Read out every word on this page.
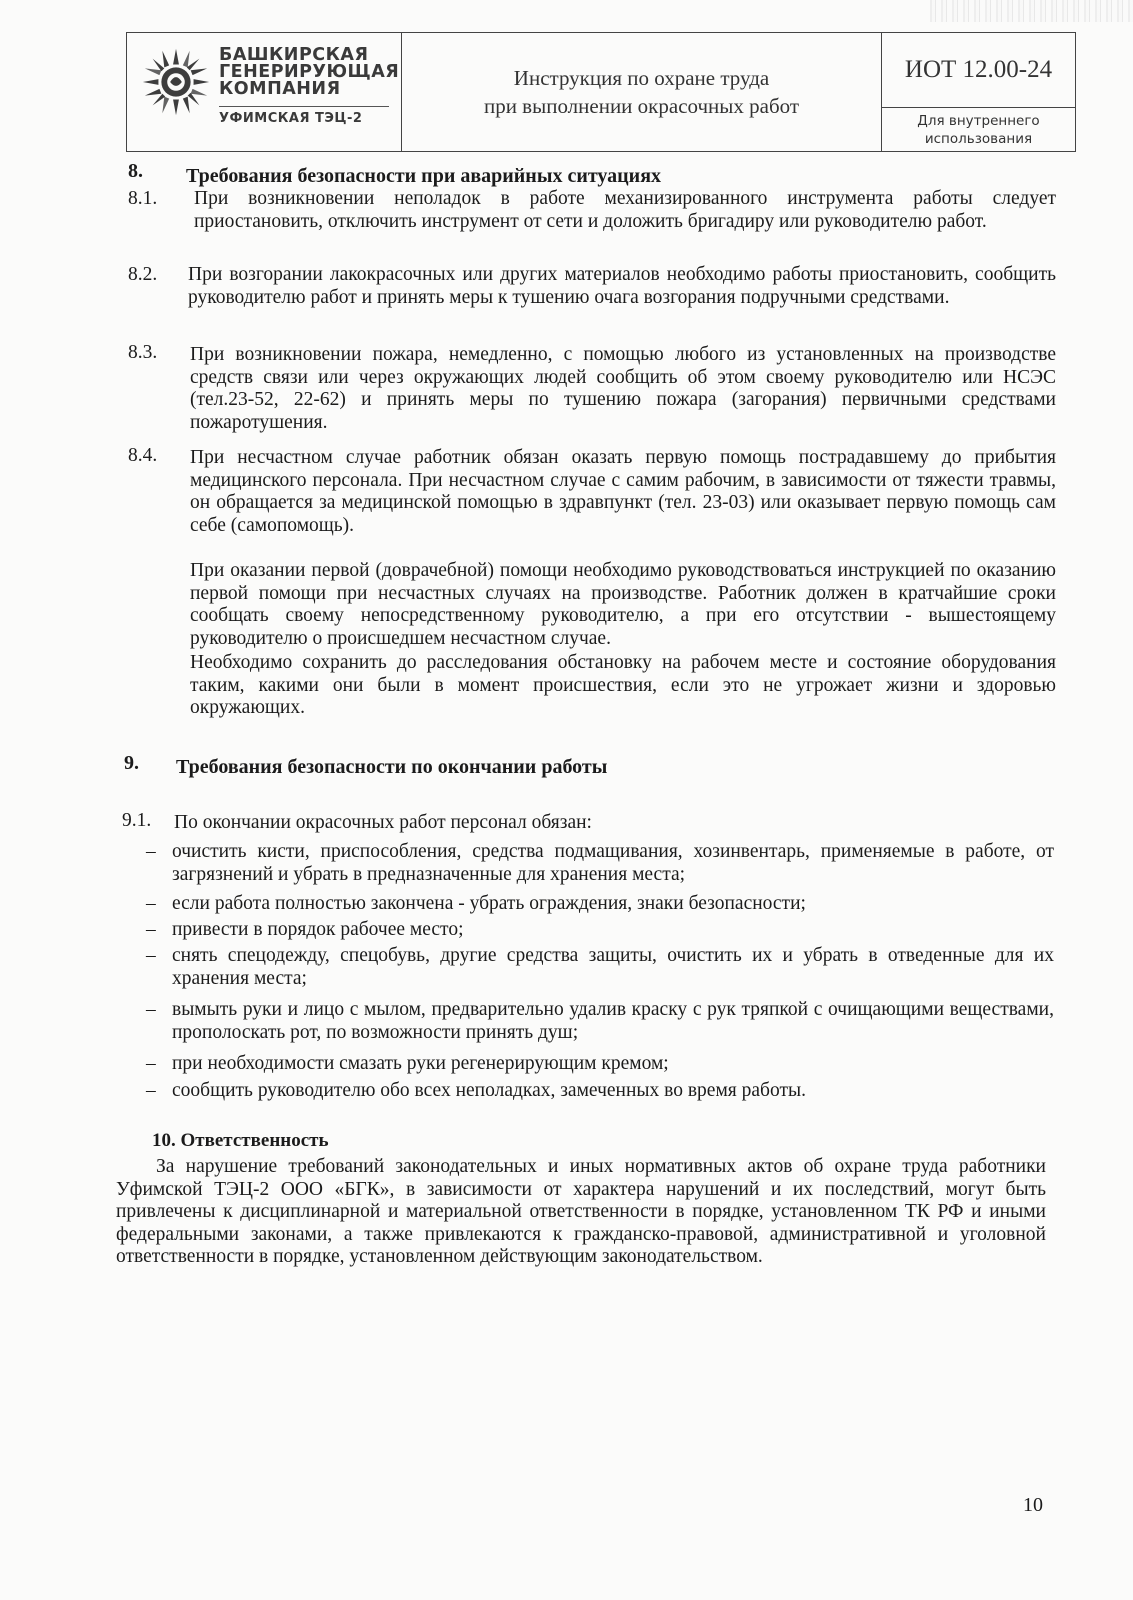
БАШКИРСКАЯ
ГЕНЕРИРУЮЩАЯ
КОМПАНИЯ
УФИМСКАЯ ТЭЦ-2
Инструкция по охране труда
при выполнении окрасочных работ
ИОТ 12.00-24
Для внутреннего
использования
8. Требования безопасности при аварийных ситуациях
8.1. При возникновении неполадок в работе механизированного инструмента работы следует приостановить, отключить инструмент от сети и доложить бригадиру или руководителю работ.
8.2. При возгорании лакокрасочных или других материалов необходимо работы приостановить, сообщить руководителю работ и принять меры к тушению очага возгорания подручными средствами.
8.3. При возникновении пожара, немедленно, с помощью любого из установленных на производстве средств связи или через окружающих людей сообщить об этом своему руководителю или НСЭС (тел.23-52, 22-62) и принять меры по тушению пожара (загорания) первичными средствами пожаротушения.
8.4. При несчастном случае работник обязан оказать первую помощь пострадавшему до прибытия медицинского персонала. При несчастном случае с самим рабочим, в зависимости от тяжести травмы, он обращается за медицинской помощью в здравпункт (тел. 23-03) или оказывает первую помощь сам себе (самопомощь).
При оказании первой (доврачебной) помощи необходимо руководствоваться инструкцией по оказанию первой помощи при несчастных случаях на производстве. Работник должен в кратчайшие сроки сообщать своему непосредственному руководителю, а при его отсутствии - вышестоящему руководителю о происшедшем несчастном случае.
Необходимо сохранить до расследования обстановку на рабочем месте и состояние оборудования таким, какими они были в момент происшествия, если это не угрожает жизни и здоровью окружающих.
9. Требования безопасности по окончании работы
9.1. По окончании окрасочных работ персонал обязан:
– очистить кисти, приспособления, средства подмащивания, хозинвентарь, применяемые в работе, от загрязнений и убрать в предназначенные для хранения места;
– если работа полностью закончена - убрать ограждения, знаки безопасности;
– привести в порядок рабочее место;
– снять спецодежду, спецобувь, другие средства защиты, очистить их и убрать в отведенные для их хранения места;
– вымыть руки и лицо с мылом, предварительно удалив краску с рук тряпкой с очищающими веществами, прополоскать рот, по возможности принять душ;
– при необходимости смазать руки регенерирующим кремом;
– сообщить руководителю обо всех неполадках, замеченных во время работы.
10. Ответственность
За нарушение требований законодательных и иных нормативных актов об охране труда работники Уфимской ТЭЦ-2 ООО «БГК», в зависимости от характера нарушений и их последствий, могут быть привлечены к дисциплинарной и материальной ответственности в порядке, установленном ТК РФ и иными федеральными законами, а также привлекаются к гражданско-правовой, административной и уголовной ответственности в порядке, установленном действующим законодательством.
10
